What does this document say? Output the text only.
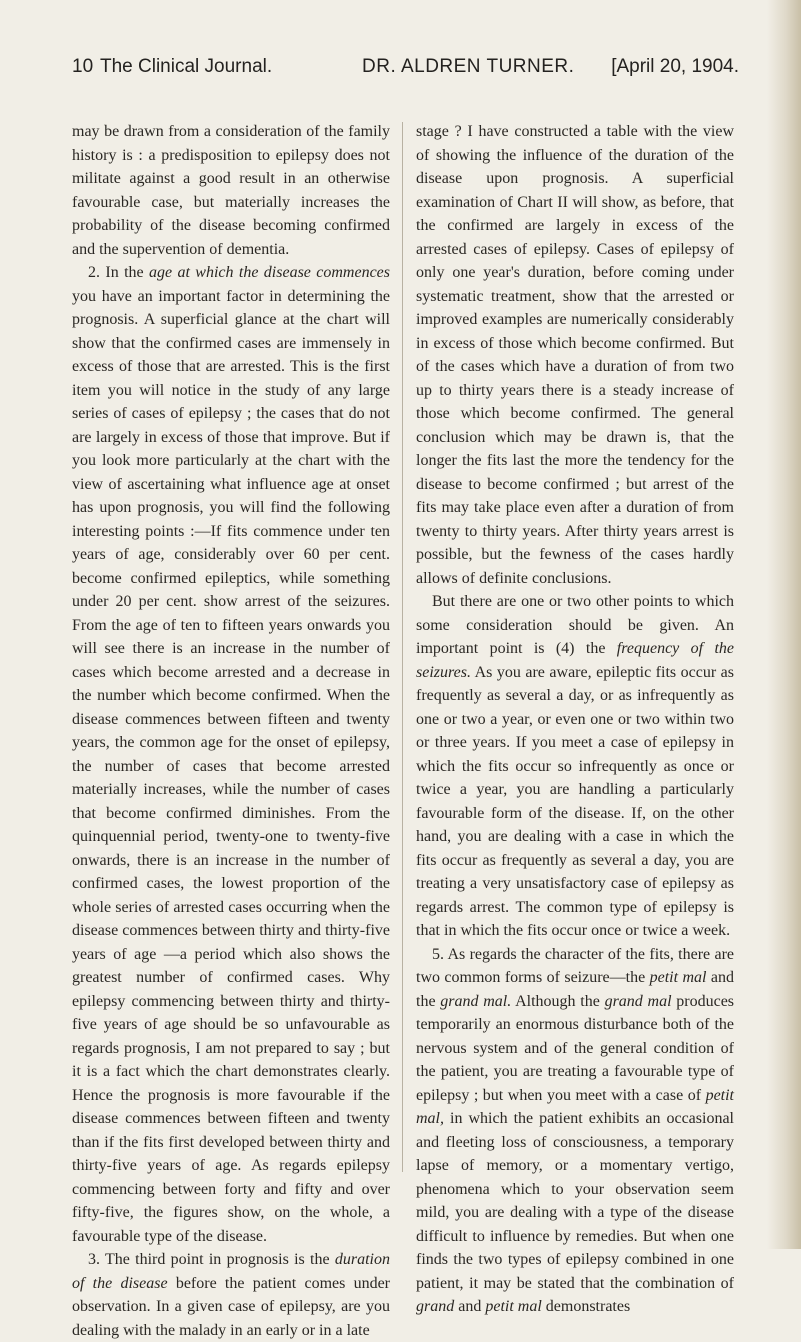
10 The Clinical Journal.	DR. ALDREN TURNER. [April 20, 1904.

may be drawn from a consideration of the family history is : a predisposition to epilepsy does not militate against a good result in an otherwise favourable case, but materially increases the probability of the disease becoming confirmed and the supervention of dementia.

2. In the age at which the disease commences you have an important factor in determining the prognosis. A superficial glance at the chart will show that the confirmed cases are immensely in excess of those that are arrested. This is the first item you will notice in the study of any large series of cases of epilepsy ; the cases that do not are largely in excess of those that improve. But if you look more particularly at the chart with the view of ascertaining what influence age at onset has upon prognosis, you will find the following interesting points :—If fits commence under ten years of age, considerably over 60 per cent. become confirmed epileptics, while something under 20 per cent. show arrest of the seizures. From the age of ten to fifteen years onwards you will see there is an increase in the number of cases which become arrested and a decrease in the number which become confirmed. When the disease commences between fifteen and twenty years, the common age for the onset of epilepsy, the number of cases that become arrested materially increases, while the number of cases that become confirmed diminishes. From the quinquennial period, twenty-one to twenty-five onwards, there is an increase in the number of confirmed cases, the lowest proportion of the whole series of arrested cases occurring when the disease commences between thirty and thirty-five years of age —a period which also shows the greatest number of confirmed cases. Why epilepsy commencing between thirty and thirty-five years of age should be so unfavourable as regards prognosis, I am not prepared to say ; but it is a fact which the chart demonstrates clearly. Hence the prognosis is more favourable if the disease commences between fifteen and twenty than if the fits first developed between thirty and thirty-five years of age. As regards epilepsy commencing between forty and fifty and over fifty-five, the figures show, on the whole, a favourable type of the disease.

3. The third point in prognosis is the duration of the disease before the patient comes under observation. In a given case of epilepsy, are you dealing with the malady in an early or in a late

stage ? I have constructed a table with the view of showing the influence of the duration of the disease upon prognosis. A superficial examination of Chart II will show, as before, that the confirmed are largely in excess of the arrested cases of epilepsy. Cases of epilepsy of only one year's duration, before coming under systematic treatment, show that the arrested or improved examples are numerically considerably in excess of those which become confirmed. But of the cases which have a duration of from two up to thirty years there is a steady increase of those which become confirmed. The general conclusion which may be drawn is, that the longer the fits last the more the tendency for the disease to become confirmed ; but arrest of the fits may take place even after a duration of from twenty to thirty years. After thirty years arrest is possible, but the fewness of the cases hardly allows of definite conclusions.

But there are one or two other points to which some consideration should be given. An important point is (4) the frequency of the seizures. As you are aware, epileptic fits occur as frequently as several a day, or as infrequently as one or two a year, or even one or two within two or three years. If you meet a case of epilepsy in which the fits occur so infrequently as once or twice a year, you are handling a particularly favourable form of the disease. If, on the other hand, you are dealing with a case in which the fits occur as frequently as several a day, you are treating a very unsatisfactory case of epilepsy as regards arrest. The common type of epilepsy is that in which the fits occur once or twice a week.

5. As regards the character of the fits, there are two common forms of seizure—the petit mal and the grand mal. Although the grand mal produces temporarily an enormous disturbance both of the nervous system and of the general condition of the patient, you are treating a favourable type of epilepsy ; but when you meet with a case of petit mal, in which the patient exhibits an occasional and fleeting loss of consciousness, a temporary lapse of memory, or a momentary vertigo, phenomena which to your observation seem mild, you are dealing with a type of the disease difficult to influence by remedies. But when one finds the two types of epilepsy combined in one patient, it may be stated that the combination of grand and petit mal demonstrates
